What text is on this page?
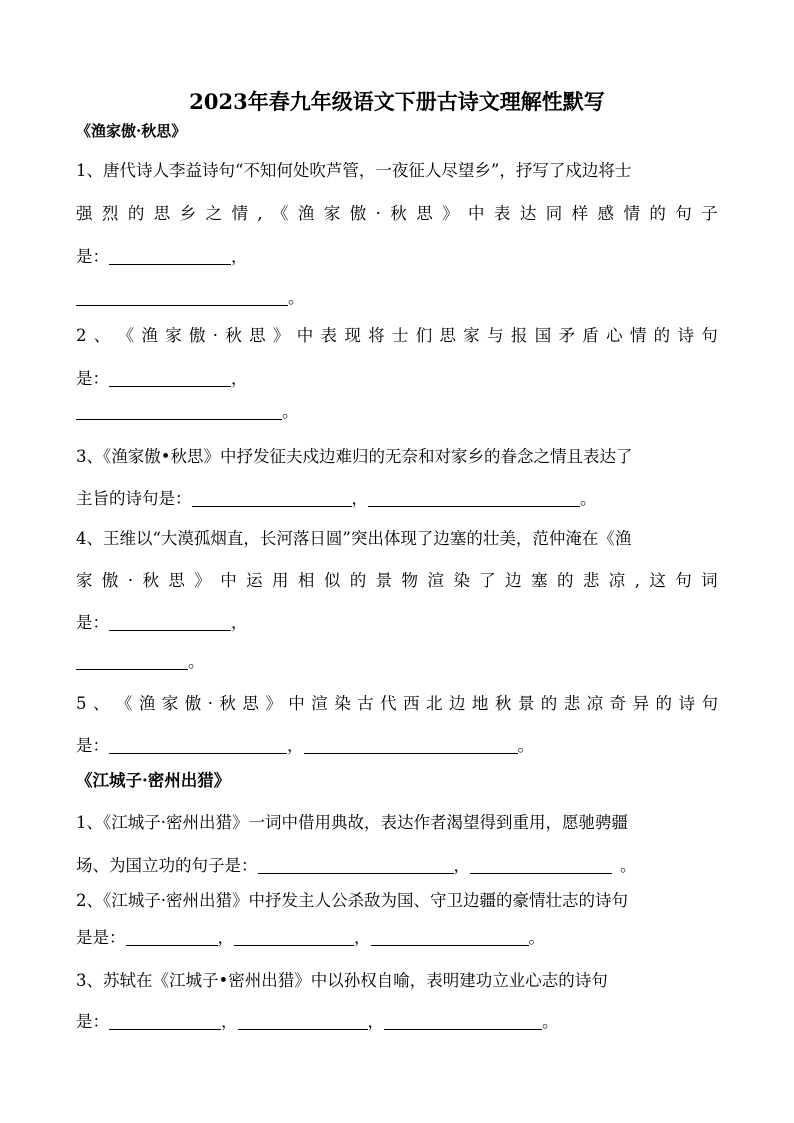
2023年春九年级语文下册古诗文理解性默写
《渔家傲·秋思》
1、唐代诗人李益诗句“不知何处吹芦管，一夜征人尽望乡”，抒写了戍边将士
强 烈 的 思 乡 之 情 , 《 渔 家 傲 · 秋 思 》 中 表 达 同 样 感 情 的 句 子
是：	，
。
2 、 《 渔 家 傲 · 秋 思 》 中 表 现 将 士 们 思 家 与 报 国 矛 盾 心 情 的 诗 句
是：	，
。
3、《渔家傲•秋思》中抒发征夫戍边难归的无奈和对家乡的眷念之情且表达了
主旨的诗句是：	，	。
4、王维以“大漠孤烟直，长河落日圆”突出体现了边塞的壮美，范仲淹在《渔
家 傲 · 秋 思 》 中 运 用 相 似 的 景 物 渲 染 了 边 塞 的 悲 凉 , 这 句 词
是：	，
。
5 、 《 渔 家 傲 · 秋 思 》 中 渲 染 古 代 西 北 边 地 秋 景 的 悲 凉 奇 异 的 诗 句
是：	，	。
《江城子·密州出猎》
1、《江城子·密州出猎》一词中借用典故，表达作者渴望得到重用，愿驰骋疆
场、为国立功的句子是：	，	。
2、《江城子·密州出猎》中抒发主人公杀敌为国、守卫边疆的豪情壮志的诗句
是是：	，	，	。
3、苏轼在《江城子•密州出猎》中以孙权自喻，表明建功立业心志的诗句
是：	，	，	。
